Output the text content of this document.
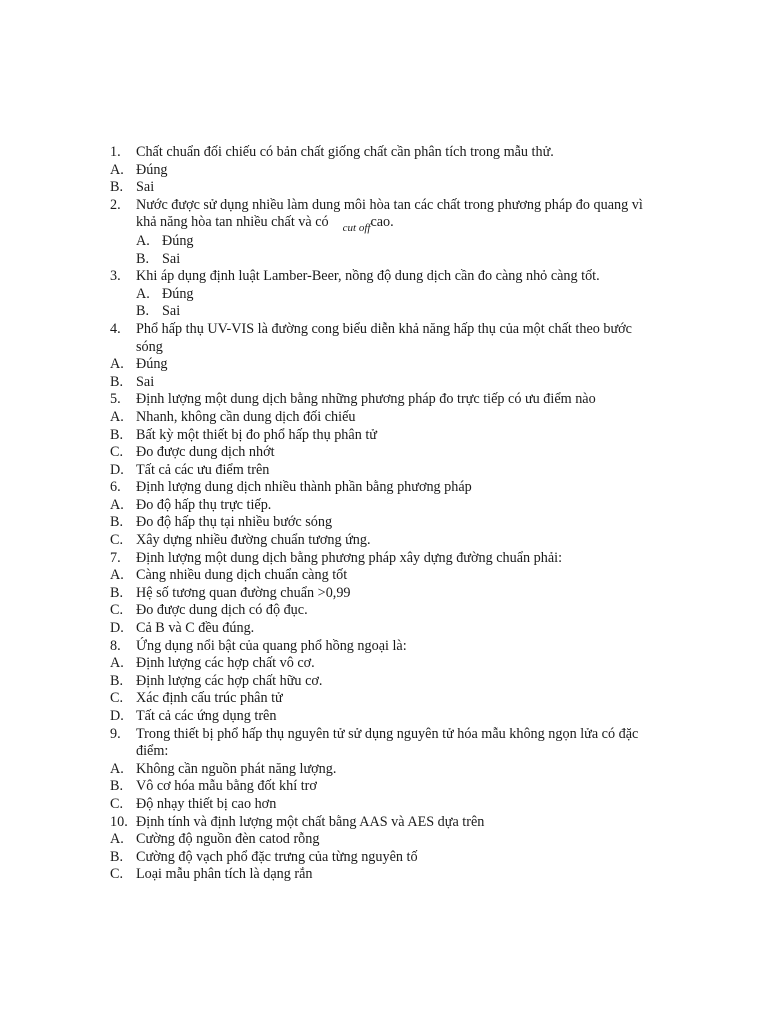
1.	Chất chuẩn đối chiếu có bản chất giống chất cần phân tích trong mẫu thử.
A. Đúng
B. Sai
2.	Nước được sử dụng nhiều làm dung môi hòa tan các chất trong phương pháp đo quang vì
khả năng hòa tan nhiều chất và có $_{cut off}$cao.
A. Đúng
B. Sai
3.	Khi áp dụng định luật Lamber-Beer, nồng độ dung dịch cần đo càng nhỏ càng tốt.
A. Đúng
B. Sai
4.	Phổ hấp thụ UV-VIS là đường cong biểu diễn khả năng hấp thụ của một chất theo bước
sóng
A. Đúng
B. Sai
5.	Định lượng một dung dịch bằng những phương pháp đo trực tiếp có ưu điểm nào
A. Nhanh, không cần dung dịch đối chiếu
B. Bất kỳ một thiết bị đo phổ hấp thụ phân tử
C. Đo được dung dịch nhớt
D. Tất cả các ưu điểm trên
6.	Định lượng dung dịch nhiều thành phần bằng phương pháp
A. Đo độ hấp thụ trực tiếp.
B. Đo độ hấp thụ tại nhiều bước sóng
C. Xây dựng nhiều đường chuẩn tương ứng.
7.	Định lượng một dung dịch bằng phương pháp xây dựng đường chuẩn phải:
A. Càng nhiều dung dịch chuẩn càng tốt
B. Hệ số tương quan đường chuẩn >0,99
C. Đo được dung dịch có độ đục.
D. Cả B và C đều đúng.
8.	Ứng dụng nổi bật của quang phổ hồng ngoại là:
A. Định lượng các hợp chất vô cơ.
B. Định lượng các hợp chất hữu cơ.
C. Xác định cấu trúc phân tử
D. Tất cả các ứng dụng trên
9.	Trong thiết bị phổ hấp thụ nguyên tử sử dụng nguyên tử hóa mẫu không ngọn lửa có đặc
điểm:
A. Không cần nguồn phát năng lượng.
B. Vô cơ hóa mẫu bằng đốt khí trơ
C. Độ nhạy thiết bị cao hơn
10. Định tính và định lượng một chất bằng AAS và AES dựa trên
A. Cường độ nguồn đèn catod rỗng
B. Cường độ vạch phổ đặc trưng của từng nguyên tố
C. Loại mẫu phân tích là dạng rắn
